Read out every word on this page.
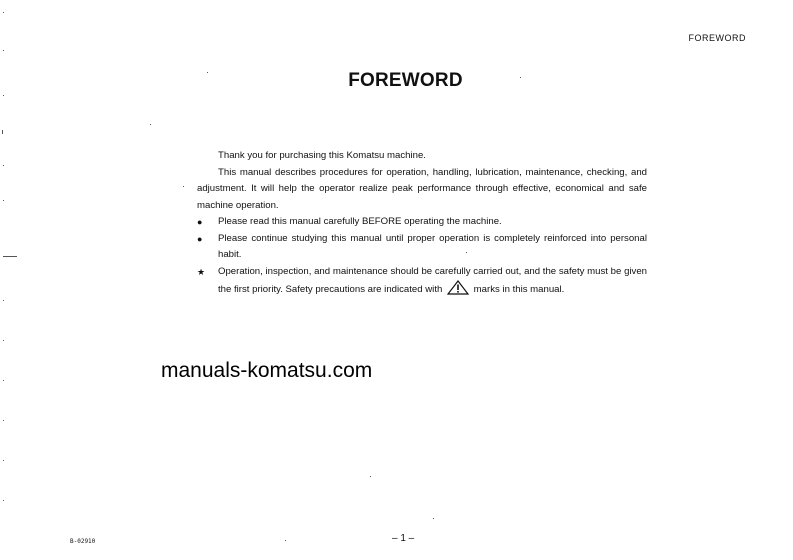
FOREWORD
FOREWORD

Thank you for purchasing this Komatsu machine.

This manual describes procedures for operation, handling, lubrication, maintenance, checking, and adjustment. It will help the operator realize peak performance through effective, economical and safe machine operation.

●	Please read this manual carefully BEFORE operating the machine.
●	Please continue studying this manual until proper operation is completely reinforced into personal habit.
★	Operation, inspection, and maintenance should be carefully carried out, and the safety must be given the first priority. Safety precautions are indicated with	marks in this manual.
manuals-komatsu.com
B-02910	– 1 –
